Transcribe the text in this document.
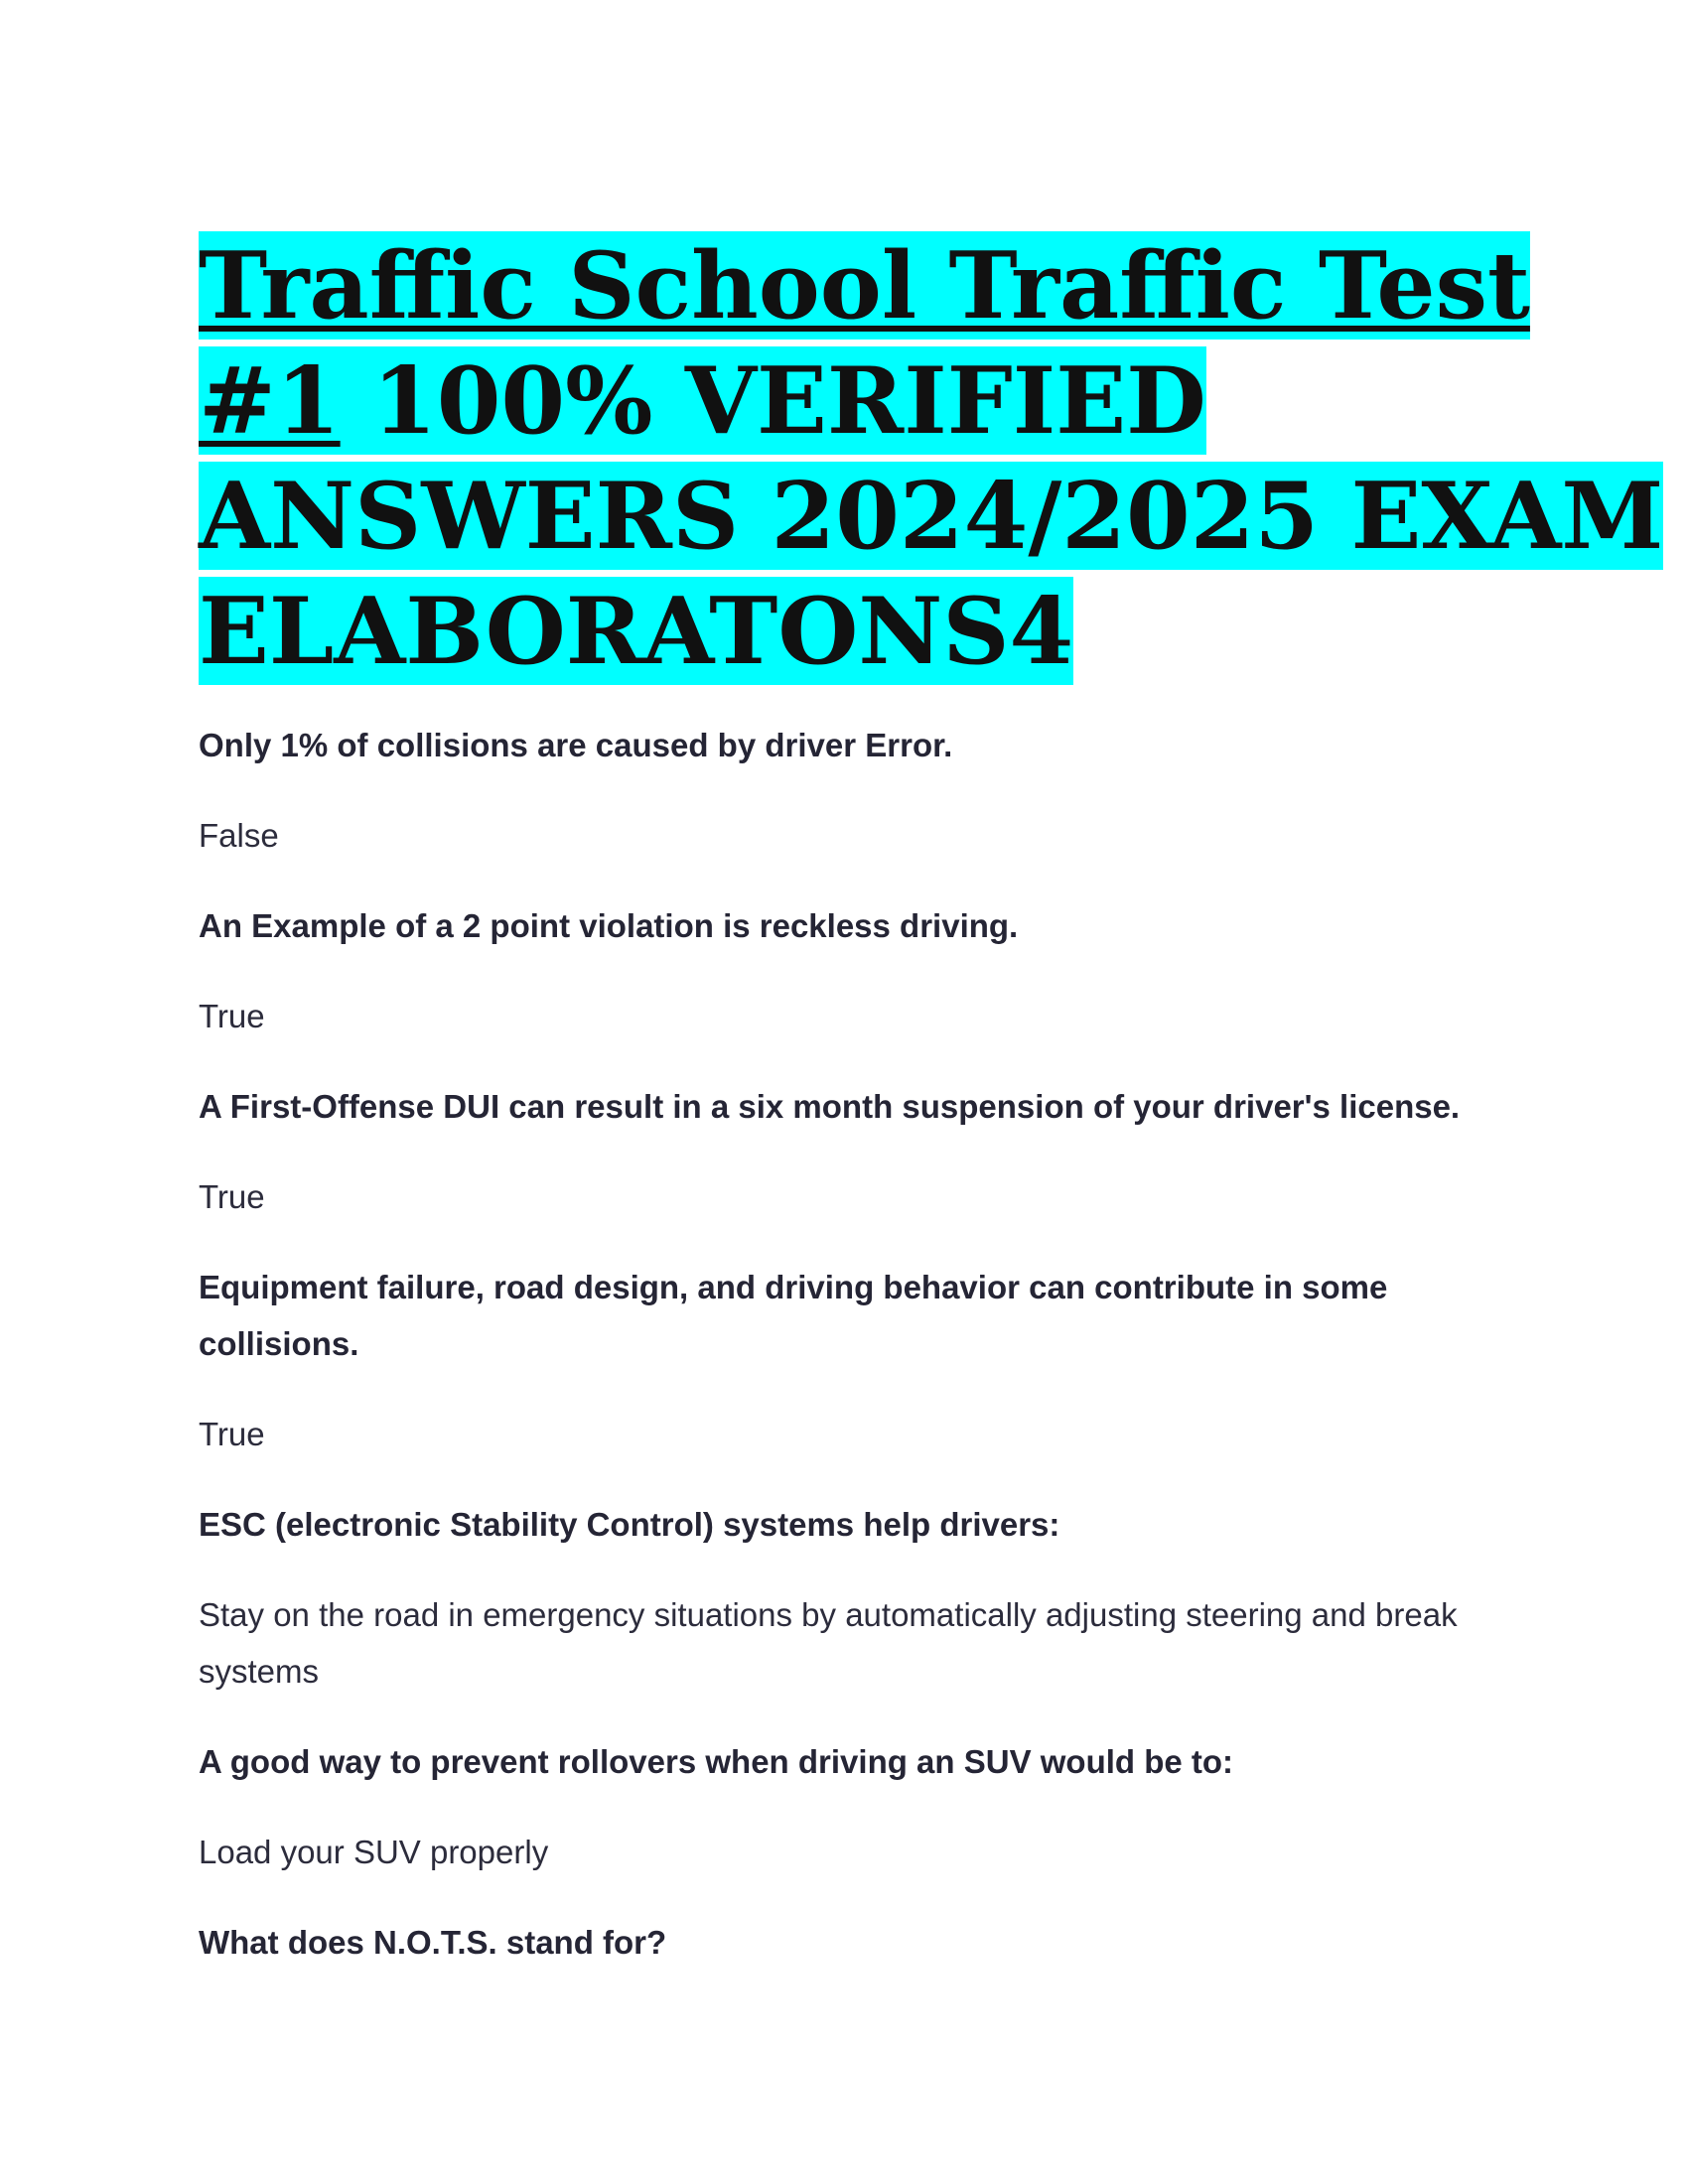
Traffic School Traffic Test
#1 100% VERIFIED
ANSWERS 2024/2025 EXAM
ELABORATONS4

Only 1% of collisions are caused by driver Error.

False

An Example of a 2 point violation is reckless driving.

True

A First-Offense DUI can result in a six month suspension of your driver's license.

True

Equipment failure, road design, and driving behavior can contribute in some collisions.

True

ESC (electronic Stability Control) systems help drivers:

Stay on the road in emergency situations by automatically adjusting steering and break systems

A good way to prevent rollovers when driving an SUV would be to:

Load your SUV properly

What does N.O.T.S. stand for?
